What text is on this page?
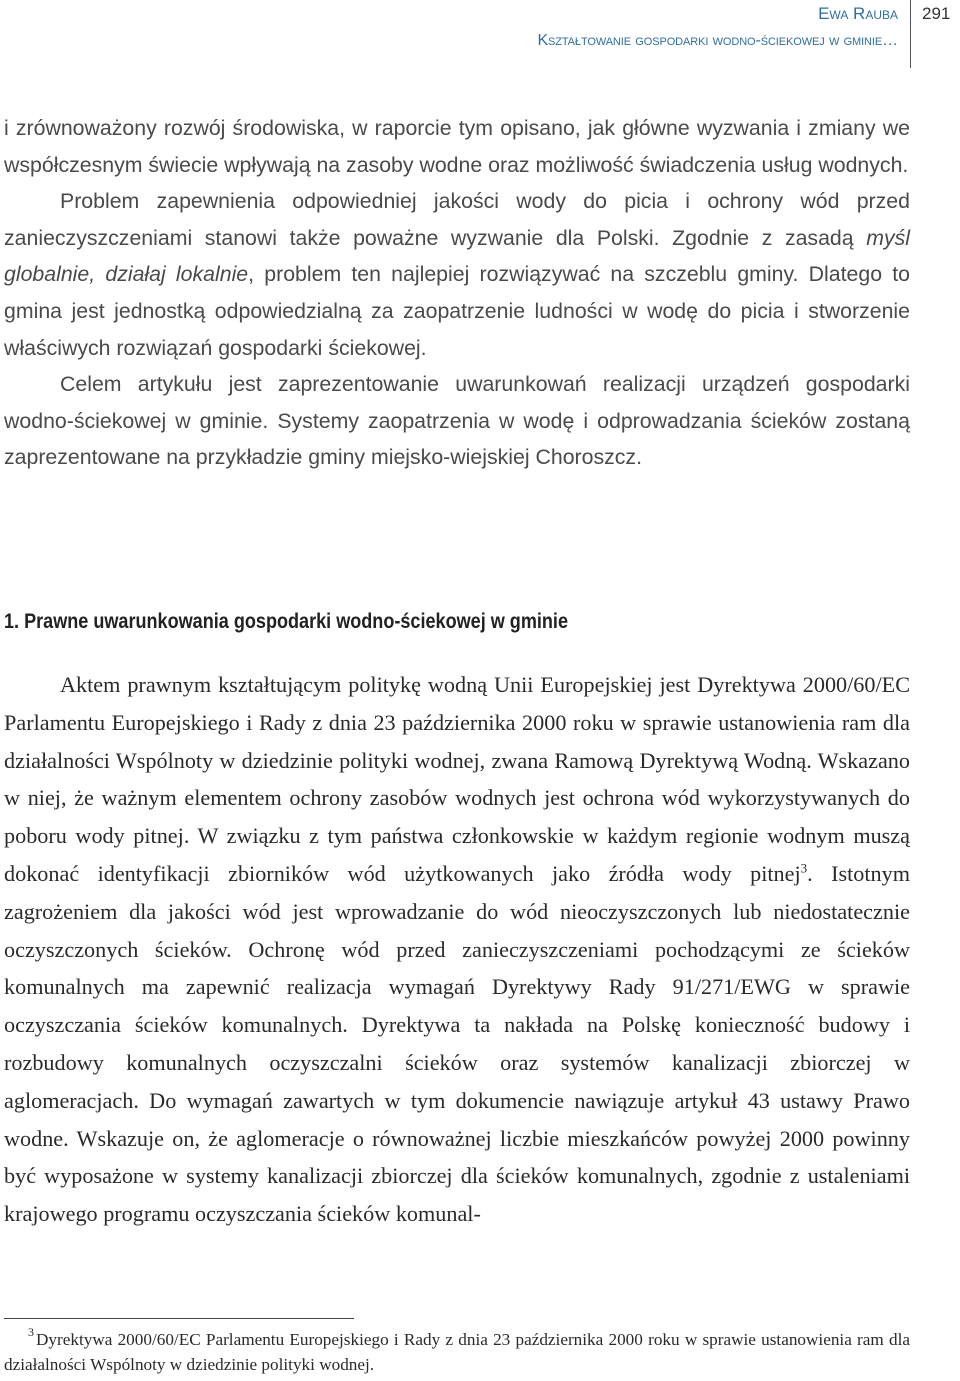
Ewa Rauba
Kształtowanie gospodarki wodno-ściekowej w gminie…
291

i zrównoważony rozwój środowiska, w raporcie tym opisano, jak główne wyzwania i zmiany we współczesnym świecie wpływają na zasoby wodne oraz możliwość świadczenia usług wodnych.

Problem zapewnienia odpowiedniej jakości wody do picia i ochrony wód przed zanieczyszczeniami stanowi także poważne wyzwanie dla Polski. Zgodnie z zasadą myśl globalnie, działaj lokalnie, problem ten najlepiej rozwiązywać na szczeblu gminy. Dlatego to gmina jest jednostką odpowiedzialną za zaopatrzenie ludności w wodę do picia i stworzenie właściwych rozwiązań gospodarki ściekowej.

Celem artykułu jest zaprezentowanie uwarunkowań realizacji urządzeń gospodarki wodno-ściekowej w gminie. Systemy zaopatrzenia w wodę i odprowadzania ścieków zostaną zaprezentowane na przykładzie gminy miejsko-wiejskiej Choroszcz.

1. Prawne uwarunkowania gospodarki wodno-ściekowej w gminie

Aktem prawnym kształtującym politykę wodną Unii Europejskiej jest Dyrektywa 2000/60/EC Parlamentu Europejskiego i Rady z dnia 23 października 2000 roku w sprawie ustanowienia ram dla działalności Wspólnoty w dziedzinie polityki wodnej, zwana Ramową Dyrektywą Wodną. Wskazano w niej, że ważnym elementem ochrony zasobów wodnych jest ochrona wód wykorzystywanych do poboru wody pitnej. W związku z tym państwa członkowskie w każdym regionie wodnym muszą dokonać identyfikacji zbiorników wód użytkowanych jako źródła wody pitnej$^3$. Istotnym zagrożeniem dla jakości wód jest wprowadzanie do wód nieoczyszczonych lub niedostatecznie oczyszczonych ścieków. Ochronę wód przed zanieczyszczeniami pochodzącymi ze ścieków komunalnych ma zapewnić realizacja wymagań Dyrektywy Rady 91/271/EWG w sprawie oczyszczania ścieków komunalnych. Dyrektywa ta nakłada na Polskę konieczność budowy i rozbudowy komunalnych oczyszczalni ścieków oraz systemów kanalizacji zbiorczej w aglomeracjach. Do wymagań zawartych w tym dokumencie nawiązuje artykuł 43 ustawy Prawo wodne. Wskazuje on, że aglomeracje o równoważnej liczbie mieszkańców powyżej 2000 powinny być wyposażone w systemy kanalizacji zbiorczej dla ścieków komunalnych, zgodnie z ustaleniami krajowego programu oczyszczania ścieków komunal-

3 Dyrektywa 2000/60/EC Parlamentu Europejskiego i Rady z dnia 23 października 2000 roku w sprawie ustanowienia ram dla działalności Wspólnoty w dziedzinie polityki wodnej.
